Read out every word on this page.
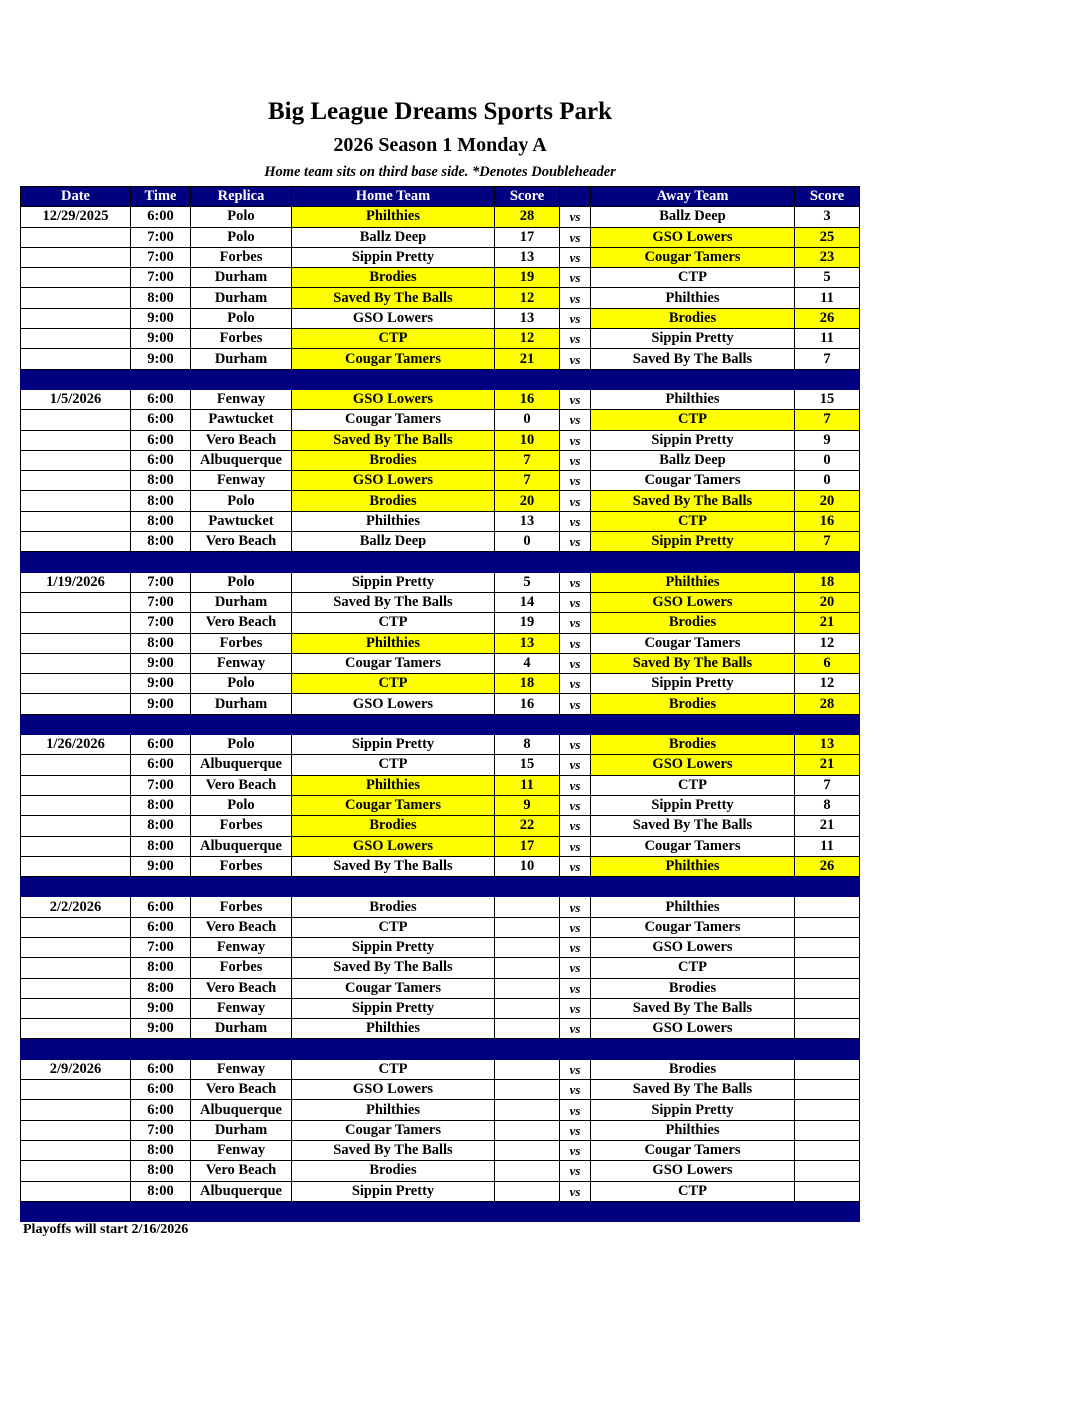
Big League Dreams Sports Park
2026 Season 1 Monday A
Home team sits on third base side. *Denotes Doubleheader
Date	Time	Replica	Home Team	Score		Away Team	Score
12/29/2025	6:00	Polo	Philthies	28	vs	Ballz Deep	3
	7:00	Polo	Ballz Deep	17	vs	GSO Lowers	25
	7:00	Forbes	Sippin Pretty	13	vs	Cougar Tamers	23
	7:00	Durham	Brodies	19	vs	CTP	5
	8:00	Durham	Saved By The Balls	12	vs	Philthies	11
	9:00	Polo	GSO Lowers	13	vs	Brodies	26
	9:00	Forbes	CTP	12	vs	Sippin Pretty	11
	9:00	Durham	Cougar Tamers	21	vs	Saved By The Balls	7

1/5/2026	6:00	Fenway	GSO Lowers	16	vs	Philthies	15
	6:00	Pawtucket	Cougar Tamers	0	vs	CTP	7
	6:00	Vero Beach	Saved By The Balls	10	vs	Sippin Pretty	9
	6:00	Albuquerque	Brodies	7	vs	Ballz Deep	0
	8:00	Fenway	GSO Lowers	7	vs	Cougar Tamers	0
	8:00	Polo	Brodies	20	vs	Saved By The Balls	20
	8:00	Pawtucket	Philthies	13	vs	CTP	16
	8:00	Vero Beach	Ballz Deep	0	vs	Sippin Pretty	7

1/19/2026	7:00	Polo	Sippin Pretty	5	vs	Philthies	18
	7:00	Durham	Saved By The Balls	14	vs	GSO Lowers	20
	7:00	Vero Beach	CTP	19	vs	Brodies	21
	8:00	Forbes	Philthies	13	vs	Cougar Tamers	12
	9:00	Fenway	Cougar Tamers	4	vs	Saved By The Balls	6
	9:00	Polo	CTP	18	vs	Sippin Pretty	12
	9:00	Durham	GSO Lowers	16	vs	Brodies	28

1/26/2026	6:00	Polo	Sippin Pretty	8	vs	Brodies	13
	6:00	Albuquerque	CTP	15	vs	GSO Lowers	21
	7:00	Vero Beach	Philthies	11	vs	CTP	7
	8:00	Polo	Cougar Tamers	9	vs	Sippin Pretty	8
	8:00	Forbes	Brodies	22	vs	Saved By The Balls	21
	8:00	Albuquerque	GSO Lowers	17	vs	Cougar Tamers	11
	9:00	Forbes	Saved By The Balls	10	vs	Philthies	26

2/2/2026	6:00	Forbes	Brodies		vs	Philthies	
	6:00	Vero Beach	CTP		vs	Cougar Tamers	
	7:00	Fenway	Sippin Pretty		vs	GSO Lowers	
	8:00	Forbes	Saved By The Balls		vs	CTP	
	8:00	Vero Beach	Cougar Tamers		vs	Brodies	
	9:00	Fenway	Sippin Pretty		vs	Saved By The Balls	
	9:00	Durham	Philthies		vs	GSO Lowers	

2/9/2026	6:00	Fenway	CTP		vs	Brodies	
	6:00	Vero Beach	GSO Lowers		vs	Saved By The Balls	
	6:00	Albuquerque	Philthies		vs	Sippin Pretty	
	7:00	Durham	Cougar Tamers		vs	Philthies	
	8:00	Fenway	Saved By The Balls		vs	Cougar Tamers	
	8:00	Vero Beach	Brodies		vs	GSO Lowers	
	8:00	Albuquerque	Sippin Pretty		vs	CTP	

Playoffs will start 2/16/2026
